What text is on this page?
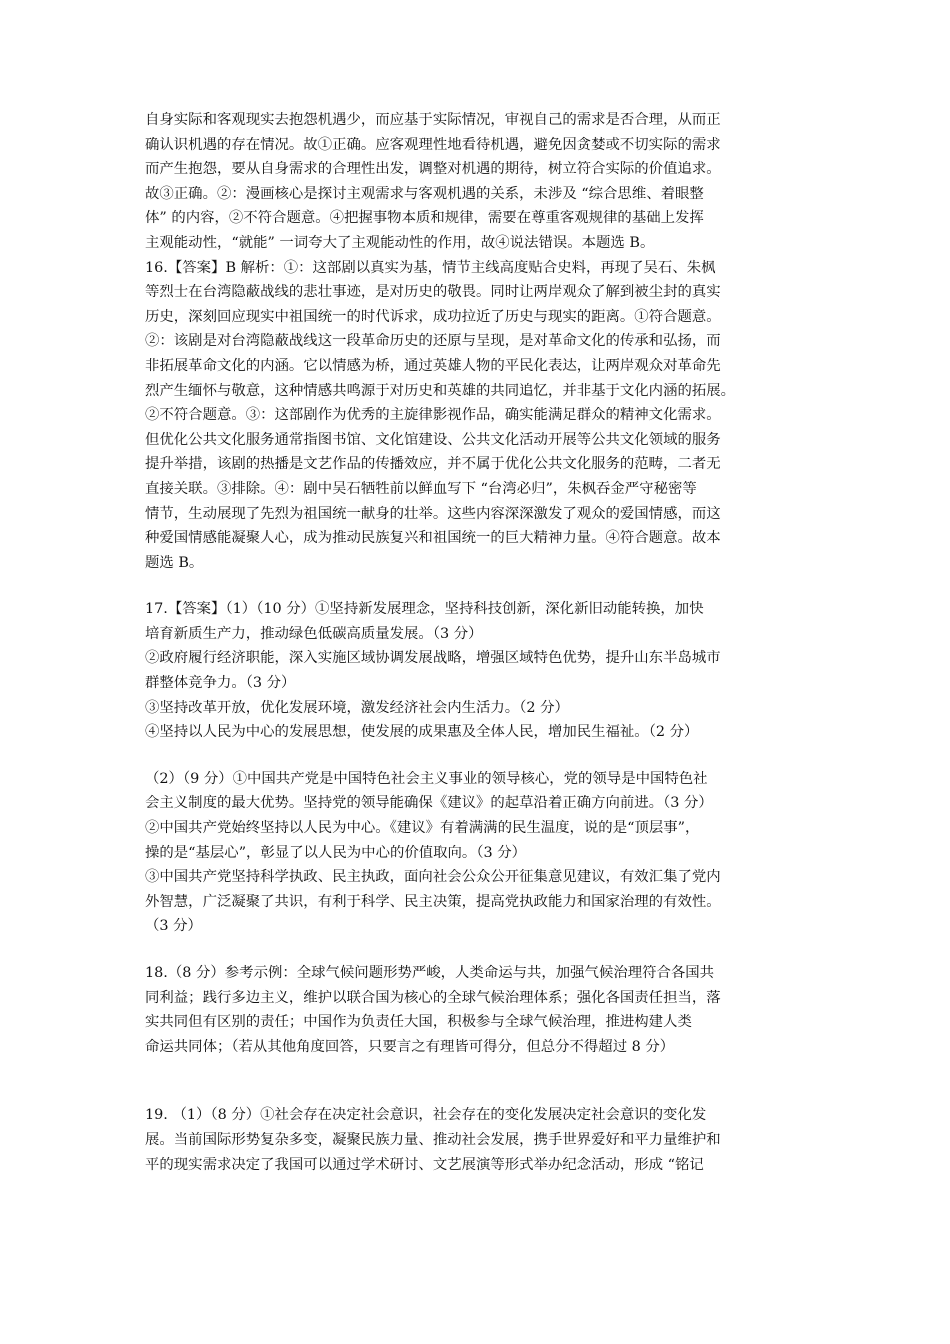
自身实际和客观现实去抱怨机遇少，而应基于实际情况，审视自己的需求是否合理，从而正
确认识机遇的存在情况。故①正确。应客观理性地看待机遇，避免因贪婪或不切实际的需求
而产生抱怨，要从自身需求的合理性出发，调整对机遇的期待，树立符合实际的价值追求。
故③正确。②：漫画核心是探讨主观需求与客观机遇的关系，未涉及 “综合思维、着眼整
体” 的内容，②不符合题意。④把握事物本质和规律，需要在尊重客观规律的基础上发挥
主观能动性，“就能” 一词夸大了主观能动性的作用，故④说法错误。本题选 B。
16.【答案】B 解析：①：这部剧以真实为基，情节主线高度贴合史料，再现了吴石、朱枫
等烈士在台湾隐蔽战线的悲壮事迹，是对历史的敬畏。同时让两岸观众了解到被尘封的真实
历史，深刻回应现实中祖国统一的时代诉求，成功拉近了历史与现实的距离。①符合题意。
②：该剧是对台湾隐蔽战线这一段革命历史的还原与呈现，是对革命文化的传承和弘扬，而
非拓展革命文化的内涵。它以情感为桥，通过英雄人物的平民化表达，让两岸观众对革命先
烈产生缅怀与敬意，这种情感共鸣源于对历史和英雄的共同追忆，并非基于文化内涵的拓展。
②不符合题意。③：这部剧作为优秀的主旋律影视作品，确实能满足群众的精神文化需求。
但优化公共文化服务通常指图书馆、文化馆建设、公共文化活动开展等公共文化领域的服务
提升举措，该剧的热播是文艺作品的传播效应，并不属于优化公共文化服务的范畴，二者无
直接关联。③排除。④：剧中吴石牺牲前以鲜血写下 “台湾必归”，朱枫吞金严守秘密等
情节，生动展现了先烈为祖国统一献身的壮举。这些内容深深激发了观众的爱国情感，而这
种爱国情感能凝聚人心，成为推动民族复兴和祖国统一的巨大精神力量。④符合题意。故本
题选 B。
17.【答案】（1）（10 分）①坚持新发展理念，坚持科技创新，深化新旧动能转换，加快
培育新质生产力，推动绿色低碳高质量发展。（3 分）
②政府履行经济职能，深入实施区域协调发展战略，增强区域特色优势，提升山东半岛城市
群整体竞争力。（3 分）
③坚持改革开放，优化发展环境，激发经济社会内生活力。（2 分）
④坚持以人民为中心的发展思想，使发展的成果惠及全体人民，增加民生福祉。（2 分）
（2）（9 分）①中国共产党是中国特色社会主义事业的领导核心，党的领导是中国特色社
会主义制度的最大优势。坚持党的领导能确保《建议》的起草沿着正确方向前进。（3 分）
②中国共产党始终坚持以人民为中心。《建议》有着满满的民生温度，说的是“顶层事”，
操的是“基层心”，彰显了以人民为中心的价值取向。（3 分）
③中国共产党坚持科学执政、民主执政，面向社会公众公开征集意见建议，有效汇集了党内
外智慧，广泛凝聚了共识，有利于科学、民主决策，提高党执政能力和国家治理的有效性。
（3 分）
18.（8 分）参考示例：全球气候问题形势严峻，人类命运与共，加强气候治理符合各国共
同利益；践行多边主义，维护以联合国为核心的全球气候治理体系；强化各国责任担当，落
实共同但有区别的责任；中国作为负责任大国，积极参与全球气候治理，推进构建人类
命运共同体；（若从其他角度回答，只要言之有理皆可得分，但总分不得超过 8 分）
19. （1）（8 分）①社会存在决定社会意识，社会存在的变化发展决定社会意识的变化发
展。当前国际形势复杂多变，凝聚民族力量、推动社会发展，携手世界爱好和平力量维护和
平的现实需求决定了我国可以通过学术研讨、文艺展演等形式举办纪念活动，形成 “铭记
